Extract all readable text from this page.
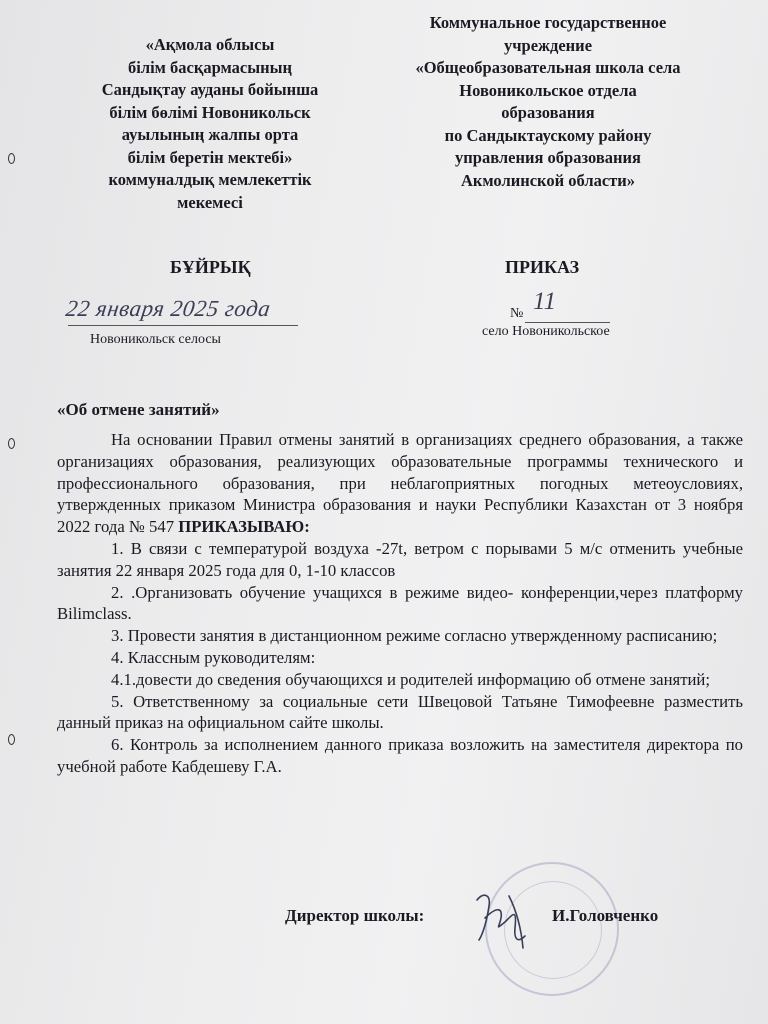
«Ақмола облысы
білім басқармасының
Сандықтау ауданы бойынша
білім бөлімі Новоникольск
ауылының жалпы орта
білім беретін мектебі»
коммуналдық мемлекеттік
мекемесі
Коммунальное государственное
учреждение
«Общеобразовательная школа села
Новоникольское отдела
образования
по Сандыктаускому району
управления образования
Акмолинской области»
БҰЙРЫҚ	ПРИКАЗ
22 января 2025 года
Новоникольск селосы
№ 11
село Новоникольское
«Об отмене занятий»

На основании Правил отмены занятий в организациях среднего образования, а также организациях образования, реализующих образовательные программы технического и профессионального образования, при неблагоприятных погодных метеоусловиях, утвержденных приказом Министра образования и науки Республики Казахстан от 3 ноября 2022 года № 547 ПРИКАЗЫВАЮ:

1. В связи с температурой воздуха -27t, ветром с порывами 5 м/с отменить учебные занятия 22 января 2025 года для 0, 1-10 классов

2. .Организовать обучение учащихся в режиме видео- конференции,через платформу Bilimclass.

3. Провести занятия в дистанционном режиме согласно утвержденному расписанию;

4. Классным руководителям:

4.1.довести до сведения обучающихся и родителей информацию об отмене занятий;

5. Ответственному за социальные сети Швецовой Татьяне Тимофеевне разместить данный приказ на официальном сайте школы.

6. Контроль за исполнением данного приказа возложить на заместителя директора по учебной работе Кабдешеву Г.А.

Директор школы:	И.Головченко
